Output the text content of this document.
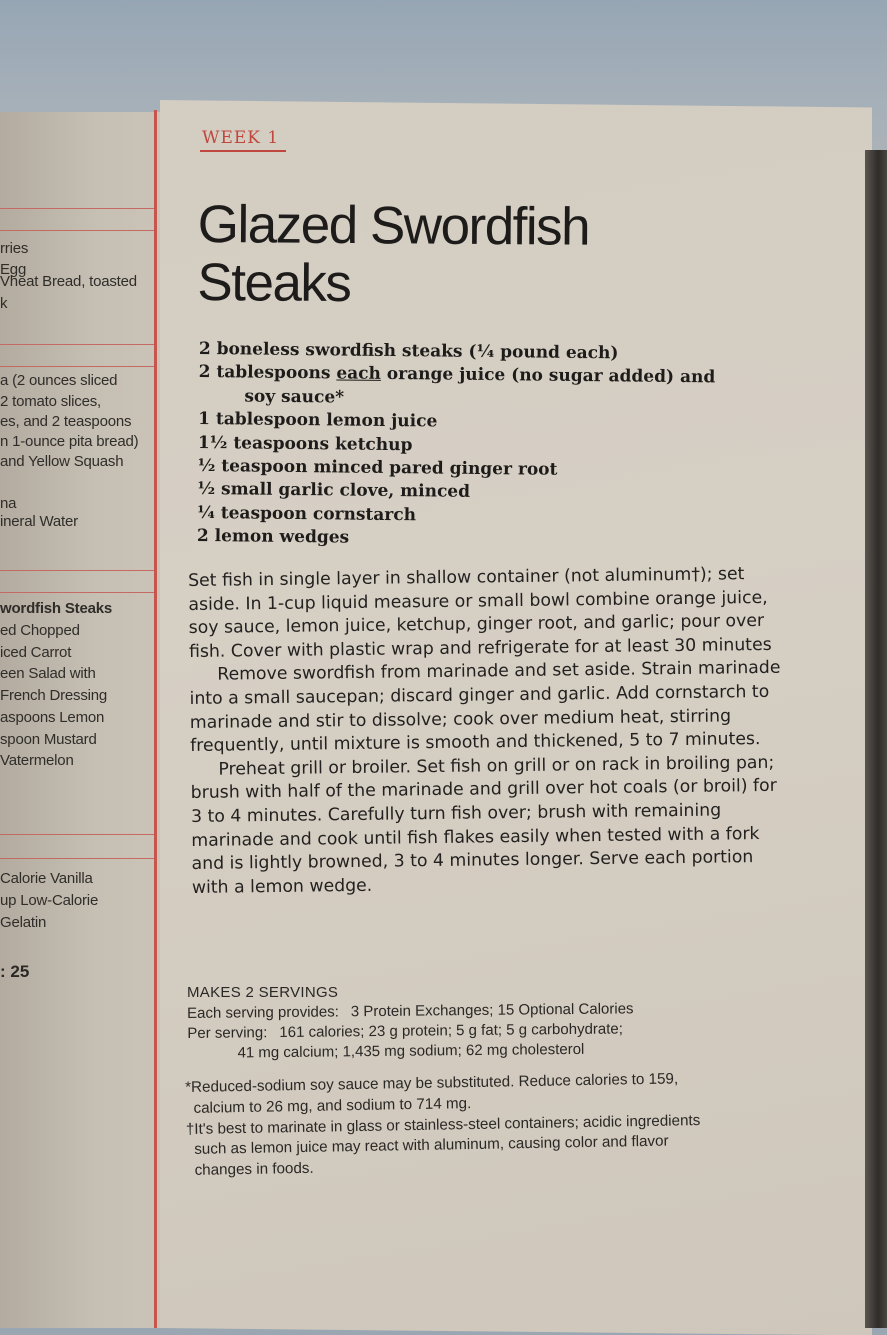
rries
Egg
Vheat Bread, toasted
k
a (2 ounces sliced
2 tomato slices,
es, and 2 teaspoons
n 1-ounce pita bread)
and Yellow Squash
na
ineral Water
wordfish Steaks
ed Chopped
iced Carrot
een Salad with
French Dressing
aspoons Lemon
spoon Mustard
Vatermelon
Calorie Vanilla
up Low-Calorie
Gelatin
: 25
WEEK 1
Glazed Swordfish
Steaks
2 boneless swordfish steaks (¼ pound each)
2 tablespoons each orange juice (no sugar added) and
soy sauce*
1 tablespoon lemon juice
1½ teaspoons ketchup
½ teaspoon minced pared ginger root
½ small garlic clove, minced
¼ teaspoon cornstarch
2 lemon wedges

Set fish in single layer in shallow container (not aluminum†); set aside. In 1-cup liquid measure or small bowl combine orange juice, soy sauce, lemon juice, ketchup, ginger root, and garlic; pour over fish. Cover with plastic wrap and refrigerate for at least 30 minutes

Remove swordfish from marinade and set aside. Strain marinade into a small saucepan; discard ginger and garlic. Add cornstarch to marinade and stir to dissolve; cook over medium heat, stirring frequently, until mixture is smooth and thickened, 5 to 7 minutes.

Preheat grill or broiler. Set fish on grill or on rack in broiling pan; brush with half of the marinade and grill over hot coals (or broil) for 3 to 4 minutes. Carefully turn fish over; brush with remaining marinade and cook until fish flakes easily when tested with a fork and is lightly browned, 3 to 4 minutes longer. Serve each portion with a lemon wedge.

MAKES 2 SERVINGS
Each serving provides: 3 Protein Exchanges; 15 Optional Calories
Per serving: 161 calories; 23 g protein; 5 g fat; 5 g carbohydrate;
41 mg calcium; 1,435 mg sodium; 62 mg cholesterol
*Reduced-sodium soy sauce may be substituted. Reduce calories to 159,
calcium to 26 mg, and sodium to 714 mg.
†It's best to marinate in glass or stainless-steel containers; acidic ingredients
such as lemon juice may react with aluminum, causing color and flavor
changes in foods.
